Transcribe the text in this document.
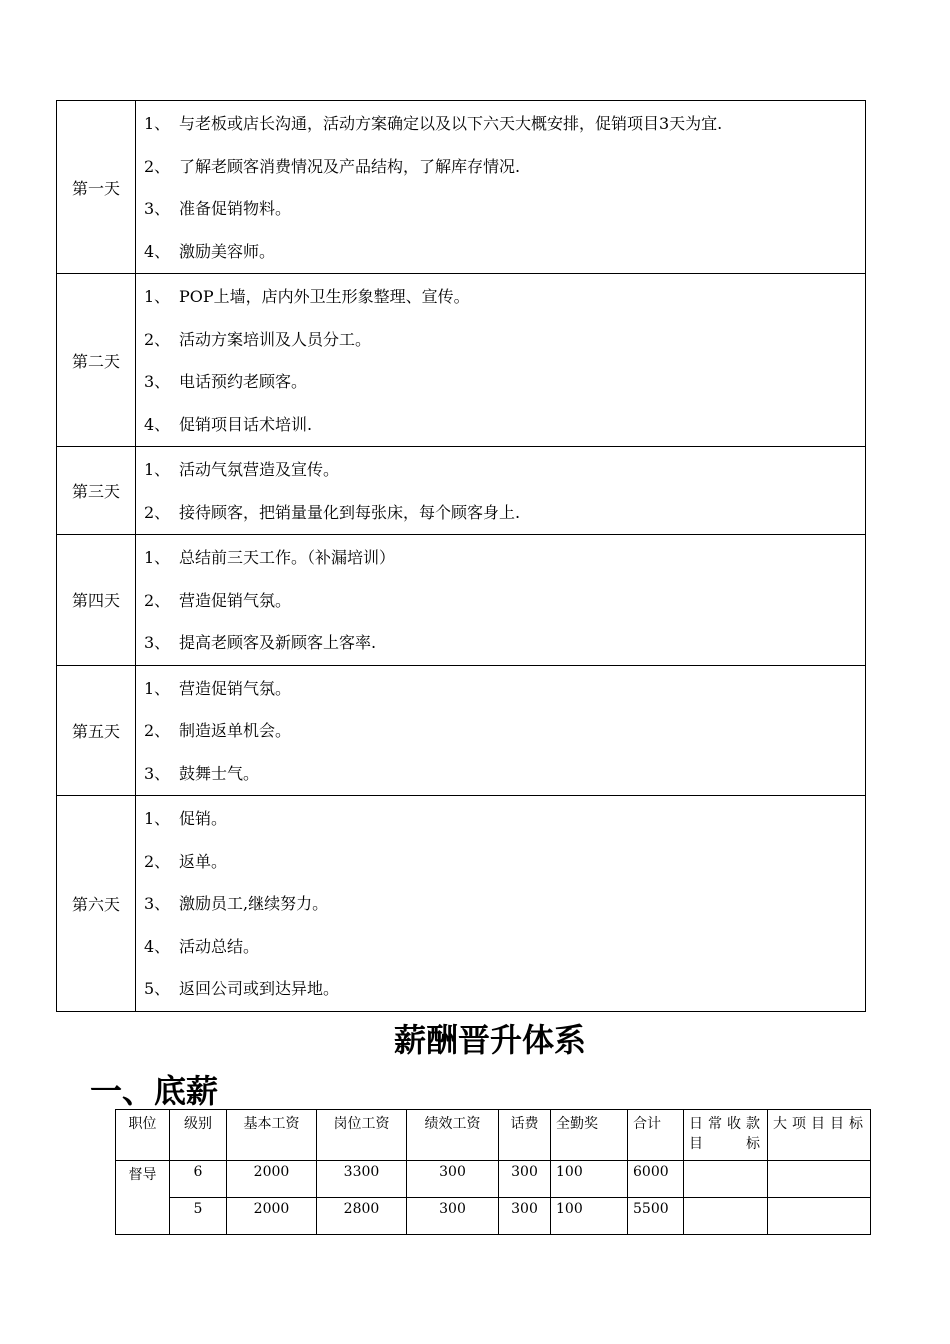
第一天	1、 与老板或店长沟通，活动方案确定以及以下六天大概安排，促销项目3天为宜.
2、 了解老顾客消费情况及产品结构，了解库存情况.
3、 准备促销物料。
4、 激励美容师。

第二天	1、 POP上墙，店内外卫生形象整理、宣传。
2、 活动方案培训及人员分工。
3、 电话预约老顾客。
4、 促销项目话术培训.

第三天	1、 活动气氛营造及宣传。
2、 接待顾客，把销量量化到每张床，每个顾客身上.

第四天	1、 总结前三天工作。（补漏培训）
2、 营造促销气氛。
3、 提高老顾客及新顾客上客率.

第五天	1、 营造促销气氛。
2、 制造返单机会。
3、 鼓舞士气。

第六天	1、 促销。
2、 返单。
3、 激励员工,继续努力。
4、 活动总结。
5、 返回公司或到达异地。
薪酬晋升体系
一、底薪
职位	级别	基本工资	岗位工资	绩效工资	话费	全勤奖	合计	日常收款目标	大项目目标
督导	6	2000	3300	300	300	100	6000		
	5	2000	2800	300	300	100	5500		
